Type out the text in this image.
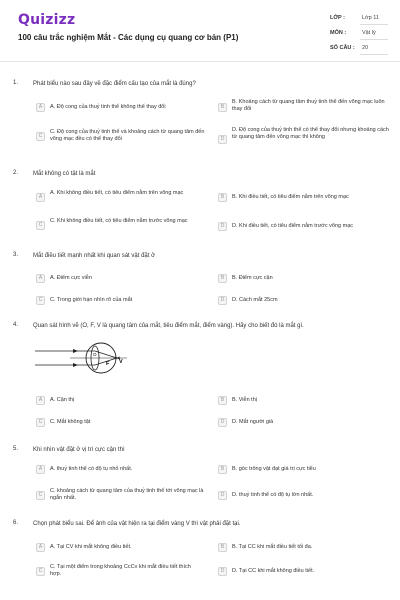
Quizizz
100 câu trắc nghiệm Mắt - Các dụng cụ quang cơ bản (P1)
LỚP :	Lớp 11
MÔN :	Vật lý
SỐ CÂU : 20
1. Phát biểu nào sau đây về đặc điểm cấu tạo của mắt là đúng?
A	A. Độ cong của thuỷ tinh thể không thể thay đổi	B
B. Khoảng cách từ quang tâm thuỷ tinh thể đến võng mạc luôn thay đổi
C
C. Độ cong của thuỷ tinh thể và khoảng cách từ quang tâm đến võng mạc đều có thể thay đổi	D
D. Độ cong của thuỷ tinh thể có thể thay đổi nhưng khoảng cách từ quang tâm đến võng mạc thì không
2. Mắt không có tật là mắt
A
A. Khi không điều tiết, có tiêu điểm nằm trên võng mạc
B	B. Khi điều tiết, có tiêu điểm nằm trên võng mạc
C
C. Khi không điều tiết, có tiêu điểm nằm trước võng mạc
D	D. Khi điều tiết, có tiêu điểm nằm trước võng mạc
3. Mắt điều tiết mạnh nhất khi quan sát vật đặt ở
A	A. Điểm cực viễn	B	B. Điểm cực cận
C	C. Trong giới hạn nhìn rõ của mắt	D	D. Cách mắt 25cm
4. Quan sát hình vẽ (O, F, V là quang tâm của mắt, tiêu điểm mắt, điểm vàng). Hãy cho biết đó là mắt gì.
O
F V
A	A. Cận thị	B	B. Viễn thị
C	C. Mắt không tật	D	D. Mắt người già
5. Khi nhìn vật đặt ở vị trí cực cận thì
A	A. thuỷ tinh thể có độ tụ nhỏ nhất.	B	B. góc trông vật đạt giá trị cực tiểu
C
C. khoảng cách từ quang tâm của thuỷ tinh thể tới võng mạc là ngắn nhất.	D	D. thuỷ tinh thể có độ tụ lớn nhất.
6. Chọn phát biểu sai. Để ảnh của vật hiện ra tại điểm vàng V thì vật phải đặt tại.
A	A. Tại CV khi mắt không điều tiết.	B	B. Tại CC khi mắt điều tiết tối đa.
C
C. Tại một điểm trong khoảng CcCv khi mắt điều tiết thích hợp.	D	D. Tại CC khi mắt không điều tiết.
